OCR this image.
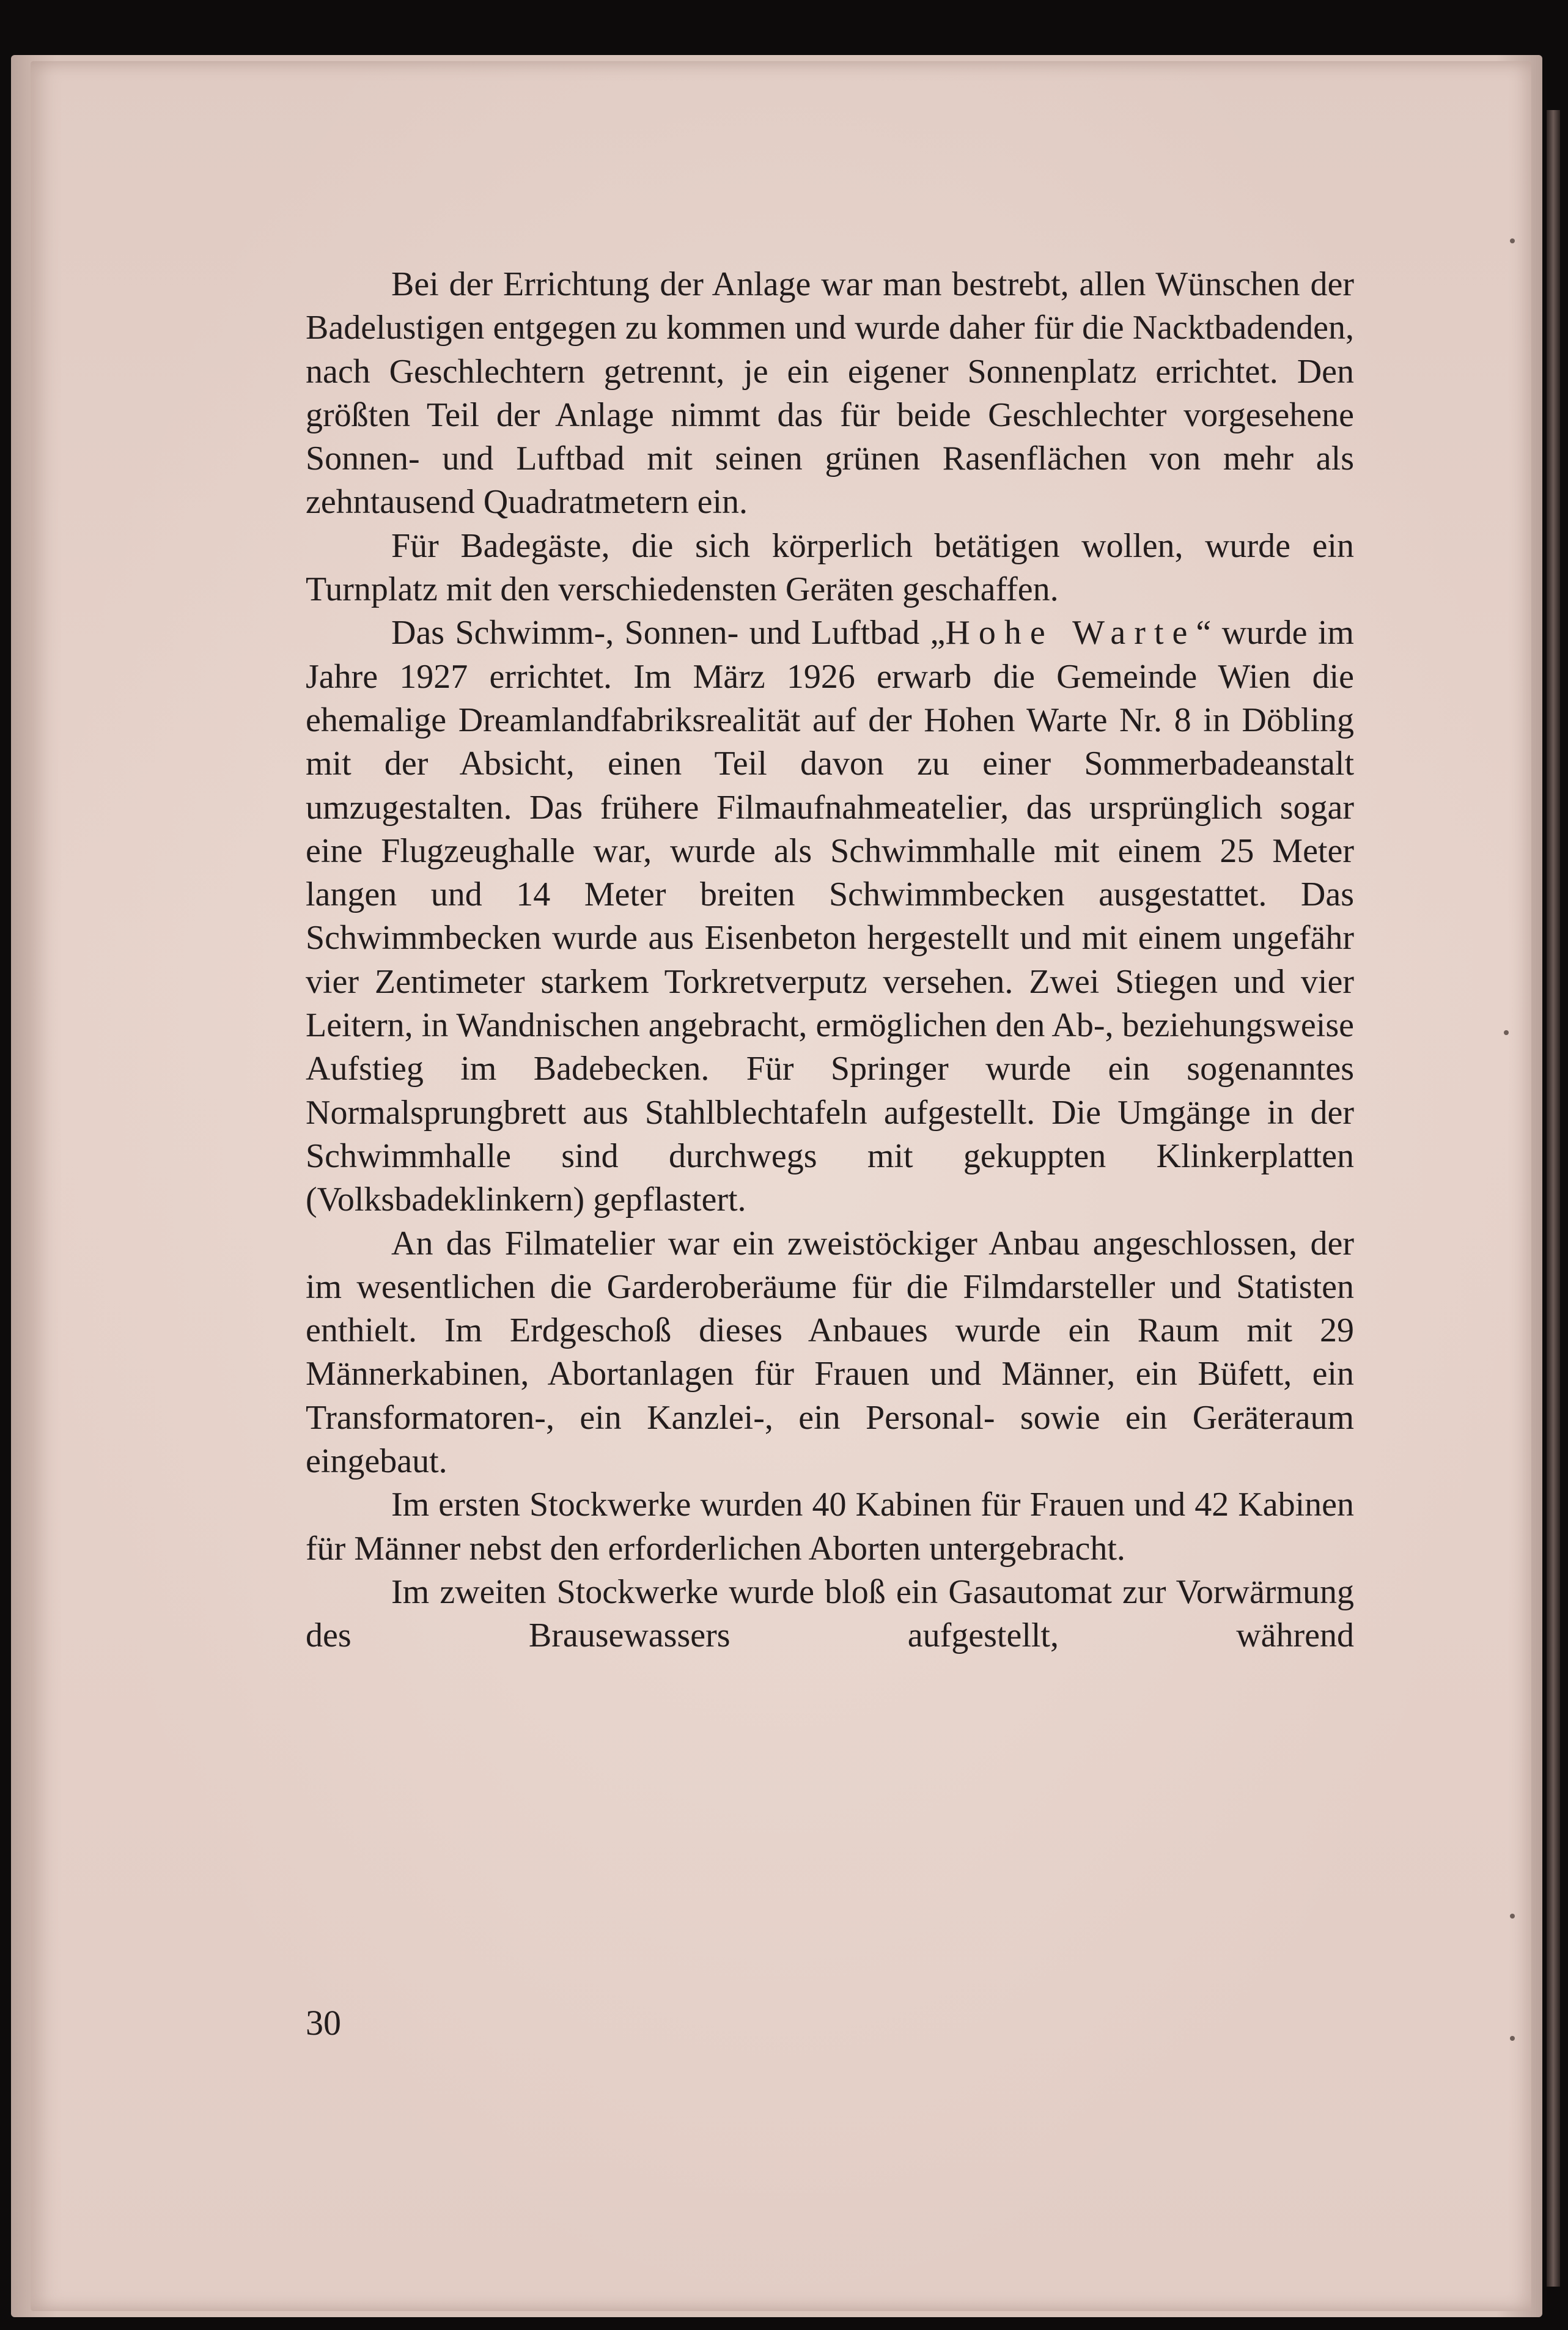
Bei der Errichtung der Anlage war man bestrebt, allen Wünschen der Badelustigen entgegen zu kommen und wurde daher für die Nacktbadenden, nach Geschlechtern getrennt, je ein eigener Sonnenplatz errichtet. Den größten Teil der Anlage nimmt das für beide Geschlechter vorgesehene Sonnen- und Luftbad mit seinen grünen Rasenflächen von mehr als zehntausend Quadratmetern ein.

Für Badegäste, die sich körperlich betätigen wollen, wurde ein Turnplatz mit den verschiedensten Geräten geschaffen.

Das Schwimm-, Sonnen- und Luftbad „Hohe Warte“ wurde im Jahre 1927 errichtet. Im März 1926 erwarb die Gemeinde Wien die ehemalige Dreamlandfabriksrealität auf der Hohen Warte Nr. 8 in Döbling mit der Absicht, einen Teil davon zu einer Sommerbadeanstalt umzugestalten. Das frühere Filmaufnahmeatelier, das ursprünglich sogar eine Flugzeughalle war, wurde als Schwimmhalle mit einem 25 Meter langen und 14 Meter breiten Schwimmbecken ausgestattet. Das Schwimmbecken wurde aus Eisenbeton hergestellt und mit einem ungefähr vier Zentimeter starkem Torkretverputz versehen. Zwei Stiegen und vier Leitern, in Wandnischen angebracht, ermöglichen den Ab-, beziehungsweise Aufstieg im Badebecken. Für Springer wurde ein sogenanntes Normalsprungbrett aus Stahlblechtafeln aufgestellt. Die Umgänge in der Schwimmhalle sind durchwegs mit gekuppten Klinkerplatten (Volksbadeklinkern) gepflastert.

An das Filmatelier war ein zweistöckiger Anbau angeschlossen, der im wesentlichen die Garderoberäume für die Filmdarsteller und Statisten enthielt. Im Erdgeschoß dieses Anbaues wurde ein Raum mit 29 Männerkabinen, Abortanlagen für Frauen und Männer, ein Büfett, ein Transformatoren-, ein Kanzlei-, ein Personal- sowie ein Geräteraum eingebaut.

Im ersten Stockwerke wurden 40 Kabinen für Frauen und 42 Kabinen für Männer nebst den erforderlichen Aborten untergebracht.

Im zweiten Stockwerke wurde bloß ein Gasautomat zur Vorwärmung des Brausewassers aufgestellt, während

30
